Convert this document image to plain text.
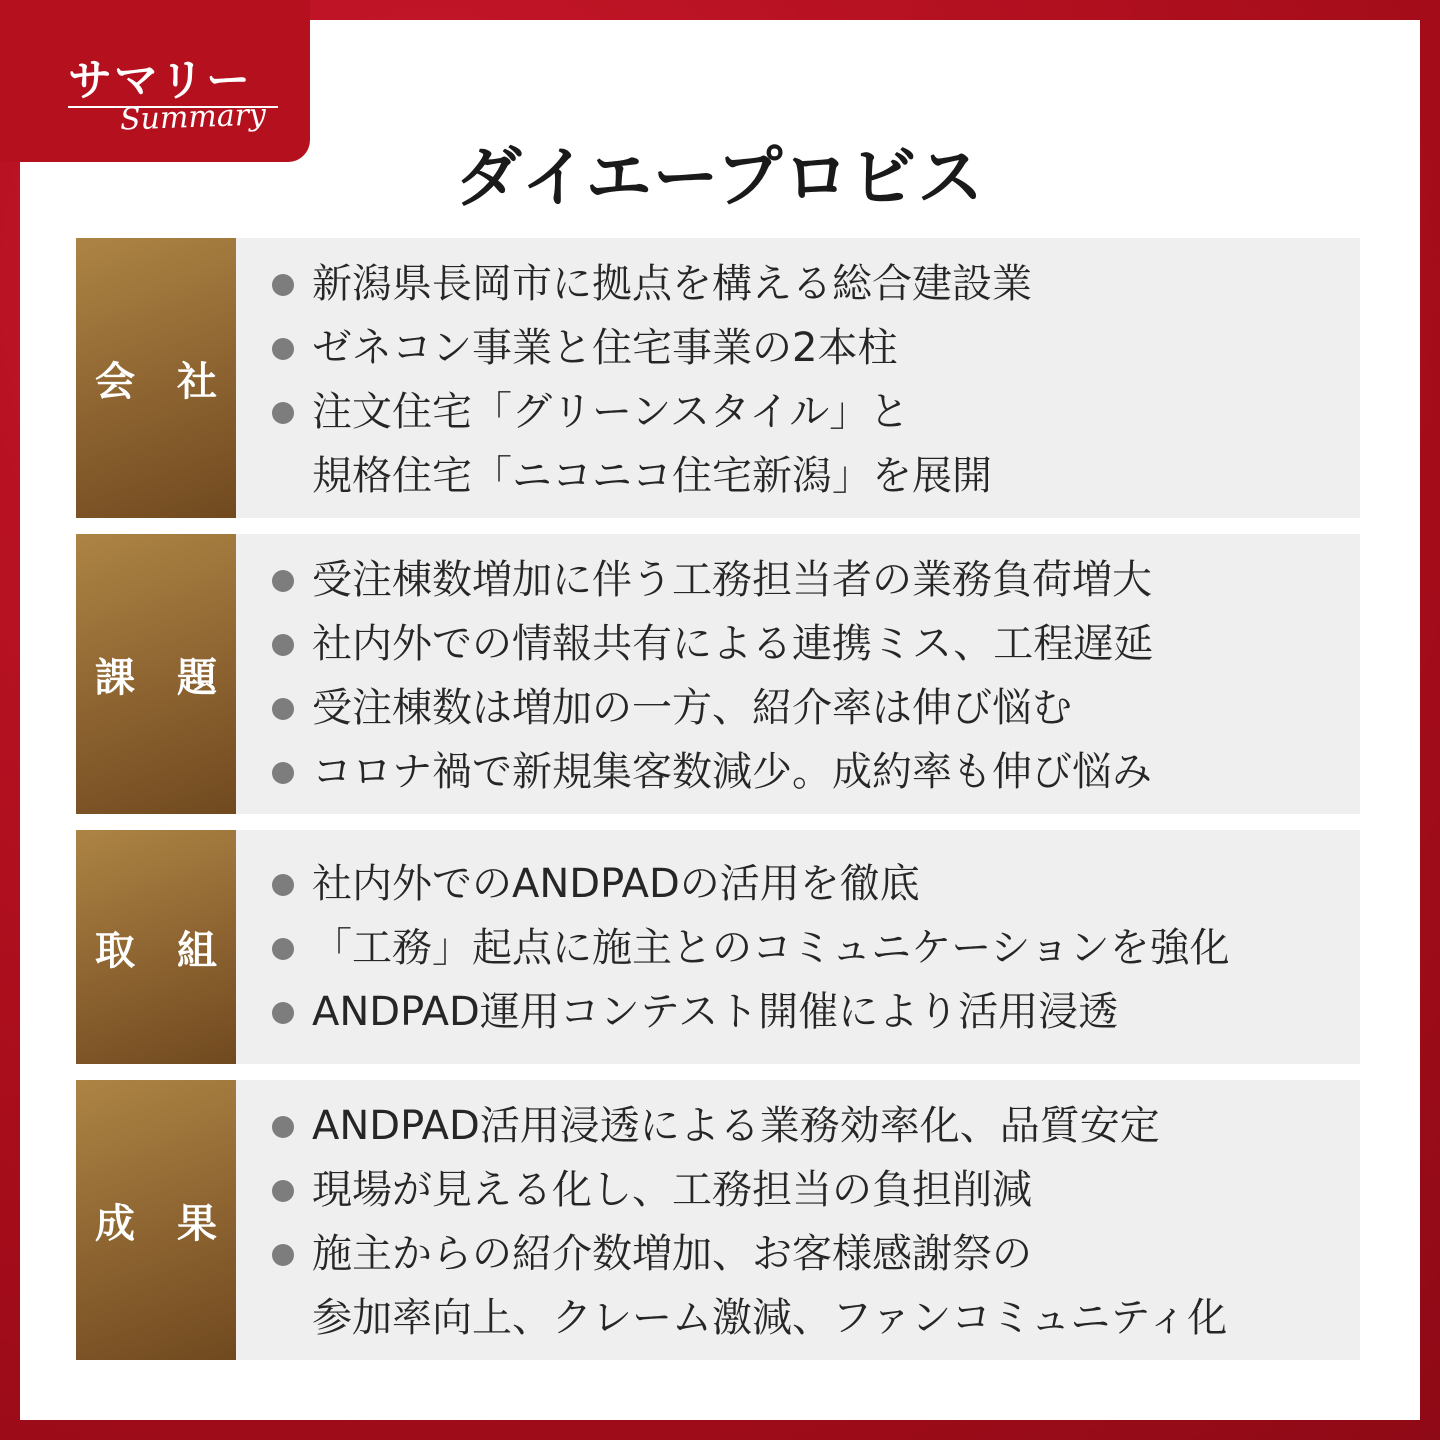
サマリー
Summary
ダイエープロビス
会 社
新潟県長岡市に拠点を構える総合建設業
ゼネコン事業と住宅事業の2本柱
注文住宅「グリーンスタイル」と
規格住宅「ニコニコ住宅新潟」を展開
課 題
受注棟数増加に伴う工務担当者の業務負荷増大
社内外での情報共有による連携ミス、工程遅延
受注棟数は増加の一方、紹介率は伸び悩む
コロナ禍で新規集客数減少。成約率も伸び悩み
取 組
社内外でのANDPADの活用を徹底
「工務」起点に施主とのコミュニケーションを強化
ANDPAD運用コンテスト開催により活用浸透
成 果
ANDPAD活用浸透による業務効率化、品質安定
現場が見える化し、工務担当の負担削減
施主からの紹介数増加、お客様感謝祭の
参加率向上、クレーム激減、ファンコミュニティ化
